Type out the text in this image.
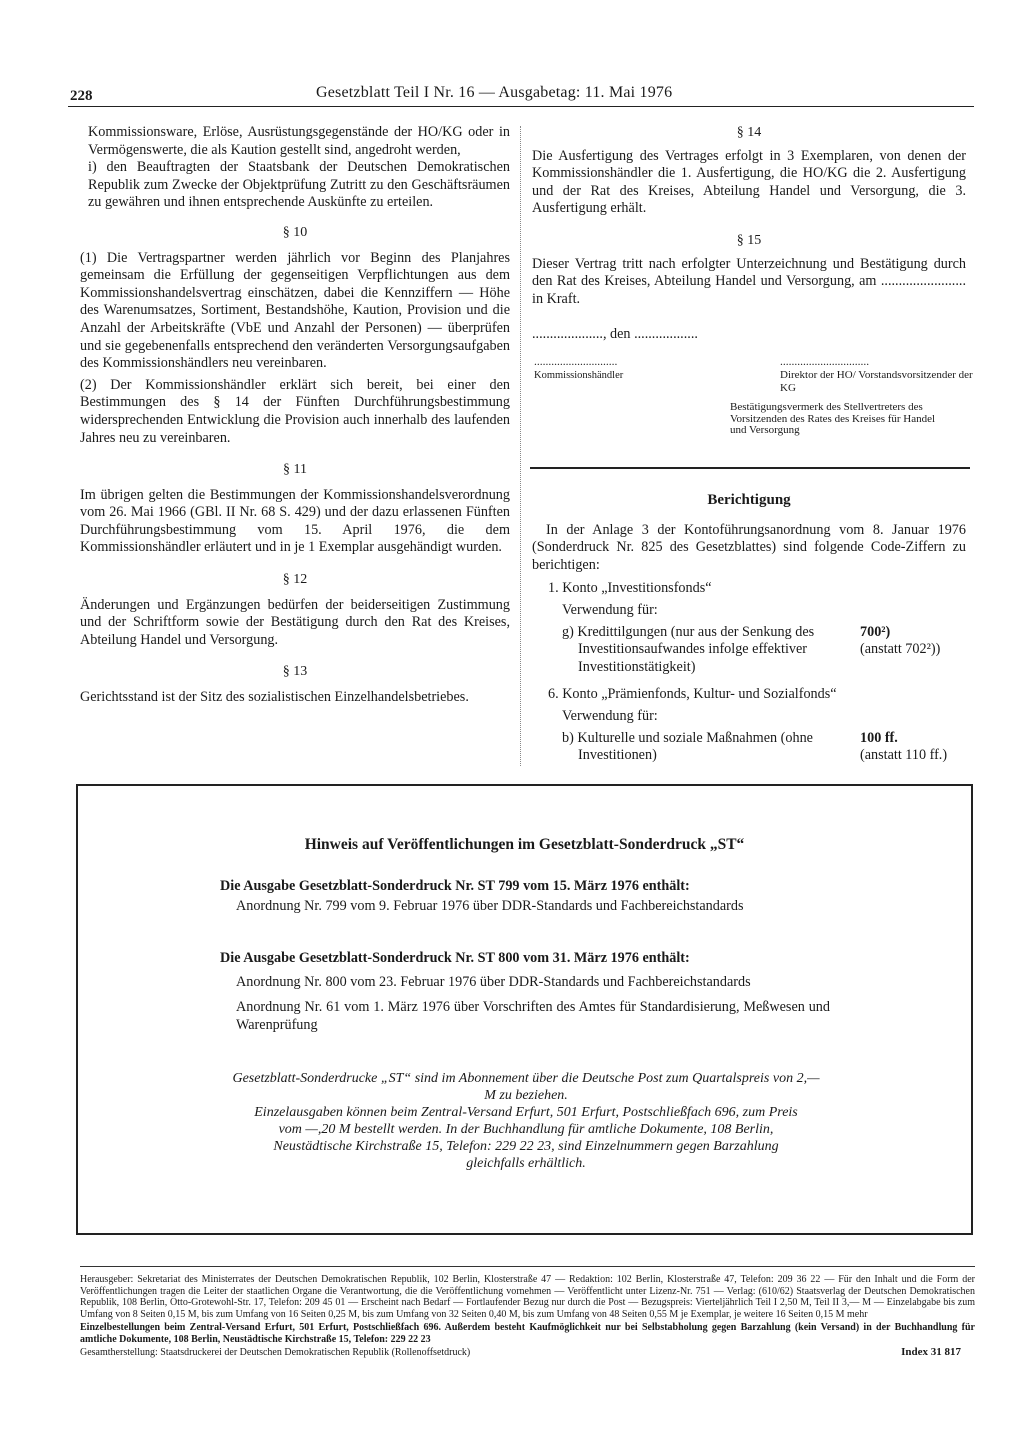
228	Gesetzblatt Teil I Nr. 16 — Ausgabetag: 11. Mai 1976

Kommissionsware, Erlöse, Ausrüstungsgegenstände der HO/KG oder in Vermögenswerte, die als Kaution gestellt sind, angedroht werden,

i) den Beauftragten der Staatsbank der Deutschen Demokratischen Republik zum Zwecke der Objektprüfung Zutritt zu den Geschäftsräumen zu gewähren und ihnen entsprechende Auskünfte zu erteilen.

§ 10

(1) Die Vertragspartner werden jährlich vor Beginn des Planjahres gemeinsam die Erfüllung der gegenseitigen Verpflichtungen aus dem Kommissionshandelsvertrag einschätzen, dabei die Kennziffern — Höhe des Warenumsatzes, Sortiment, Bestandshöhe, Kaution, Provision und die Anzahl der Arbeitskräfte (VbE und Anzahl der Personen) — überprüfen und sie gegebenenfalls entsprechend den veränderten Versorgungsaufgaben des Kommissionshändlers neu vereinbaren.

(2) Der Kommissionshändler erklärt sich bereit, bei einer den Bestimmungen des § 14 der Fünften Durchführungsbestimmung widersprechenden Entwicklung die Provision auch innerhalb des laufenden Jahres neu zu vereinbaren.

§ 11

Im übrigen gelten die Bestimmungen der Kommissionshandelsverordnung vom 26. Mai 1966 (GBl. II Nr. 68 S. 429) und der dazu erlassenen Fünften Durchführungsbestimmung vom 15. April 1976, die dem Kommissionshändler erläutert und in je 1 Exemplar ausgehändigt wurden.

§ 12

Änderungen und Ergänzungen bedürfen der beiderseitigen Zustimmung und der Schriftform sowie der Bestätigung durch den Rat des Kreises, Abteilung Handel und Versorgung.

§ 13

Gerichtsstand ist der Sitz des sozialistischen Einzelhandelsbetriebes.

§ 14

Die Ausfertigung des Vertrages erfolgt in 3 Exemplaren, von denen der Kommissionshändler die 1. Ausfertigung, die HO/KG die 2. Ausfertigung und der Rat des Kreises, Abteilung Handel und Versorgung, die 3. Ausfertigung erhält.

§ 15

Dieser Vertrag tritt nach erfolgter Unterzeichnung und Bestätigung durch den Rat des Kreises, Abteilung Handel und Versorgung, am ........................ in Kraft.

...................., den ..................

.............................
Kommissionshändler
...............................
Direktor der HO/ Vorstandsvorsitzender der KG
Bestätigungsvermerk des Stellvertreters des Vorsitzenden des Rates des Kreises für Handel und Versorgung

Berichtigung

In der Anlage 3 der Kontoführungsanordnung vom 8. Januar 1976 (Sonderdruck Nr. 825 des Gesetzblattes) sind folgende Code-Ziffern zu berichtigen:

1. Konto „Investitionsfonds“

Verwendung für:

g) Kredittilgungen (nur aus der Senkung des Investitionsaufwandes infolge effektiver Investitionstätigkeit)
700²)
(anstatt 702²))

6. Konto „Prämienfonds, Kultur- und Sozialfonds“

Verwendung für:

b) Kulturelle und soziale Maßnahmen (ohne Investitionen)
100 ff.
(anstatt 110 ff.)
Hinweis auf Veröffentlichungen im Gesetzblatt-Sonderdruck „ST“

Die Ausgabe Gesetzblatt-Sonderdruck Nr. ST 799 vom 15. März 1976 enthält:

Anordnung Nr. 799 vom 9. Februar 1976 über DDR-Standards und Fachbereichstandards

Die Ausgabe Gesetzblatt-Sonderdruck Nr. ST 800 vom 31. März 1976 enthält:

Anordnung Nr. 800 vom 23. Februar 1976 über DDR-Standards und Fachbereichstandards

Anordnung Nr. 61 vom 1. März 1976 über Vorschriften des Amtes für Standardisierung, Meßwesen und Warenprüfung

Gesetzblatt-Sonderdrucke „ST“ sind im Abonnement über die Deutsche Post zum Quartalspreis von 2,— M zu beziehen.
Einzelausgaben können beim Zentral-Versand Erfurt, 501 Erfurt, Postschließfach 696, zum Preis vom —,20 M bestellt werden. In der Buchhandlung für amtliche Dokumente, 108 Berlin, Neustädtische Kirchstraße 15, Telefon: 229 22 23, sind Einzelnummern gegen Barzahlung gleichfalls erhältlich.

Herausgeber: Sekretariat des Ministerrates der Deutschen Demokratischen Republik, 102 Berlin, Klosterstraße 47 — Redaktion: 102 Berlin, Klosterstraße 47, Telefon: 209 36 22 — Für den Inhalt und die Form der Veröffentlichungen tragen die Leiter der staatlichen Organe die Verantwortung, die die Veröffentlichung vornehmen — Veröffentlicht unter Lizenz-Nr. 751 — Verlag: (610/62) Staatsverlag der Deutschen Demokratischen Republik, 108 Berlin, Otto-Grotewohl-Str. 17, Telefon: 209 45 01 — Erscheint nach Bedarf — Fortlaufender Bezug nur durch die Post — Bezugspreis: Vierteljährlich Teil I 2,50 M, Teil II 3,— M — Einzelabgabe bis zum Umfang von 8 Seiten 0,15 M, bis zum Umfang von 16 Seiten 0,25 M, bis zum Umfang von 32 Seiten 0,40 M, bis zum Umfang von 48 Seiten 0,55 M je Exemplar, je weitere 16 Seiten 0,15 M mehr

Einzelbestellungen beim Zentral-Versand Erfurt, 501 Erfurt, Postschließfach 696. Außerdem besteht Kaufmöglichkeit nur bei Selbstabholung gegen Barzahlung (kein Versand) in der Buchhandlung für amtliche Dokumente, 108 Berlin, Neustädtische Kirchstraße 15, Telefon: 229 22 23

Gesamtherstellung: Staatsdruckerei der Deutschen Demokratischen Republik (Rollenoffsetdruck)	Index 31 817
